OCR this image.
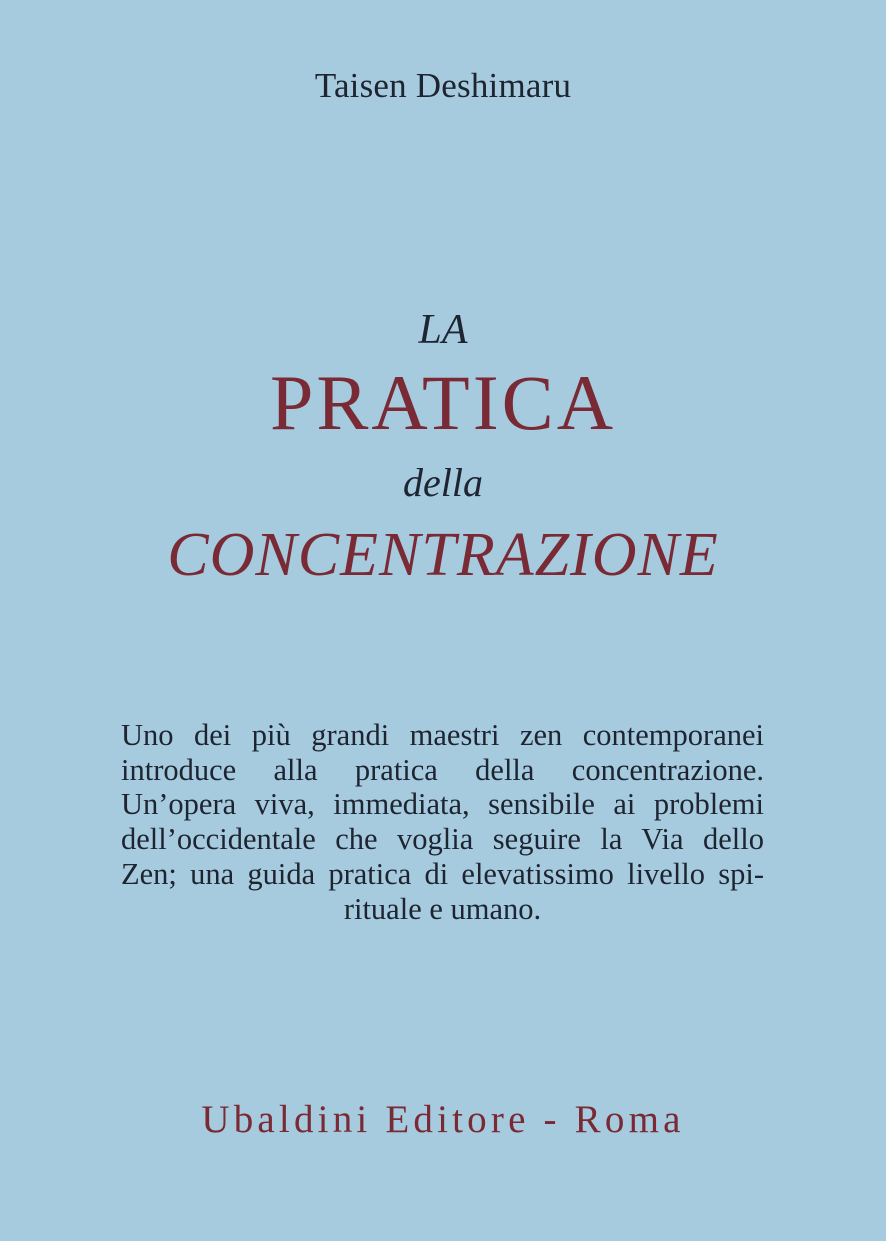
Taisen Deshimaru
LA
PRATICA
della
CONCENTRAZIONE
Uno dei più grandi maestri zen contemporanei
introduce alla pratica della concentrazione.
Un’opera viva, immediata, sensibile ai problemi
dell’occidentale che voglia seguire la Via dello
Zen; una guida pratica di elevatissimo livello spi-
rituale e umano.
Ubaldini Editore - Roma
